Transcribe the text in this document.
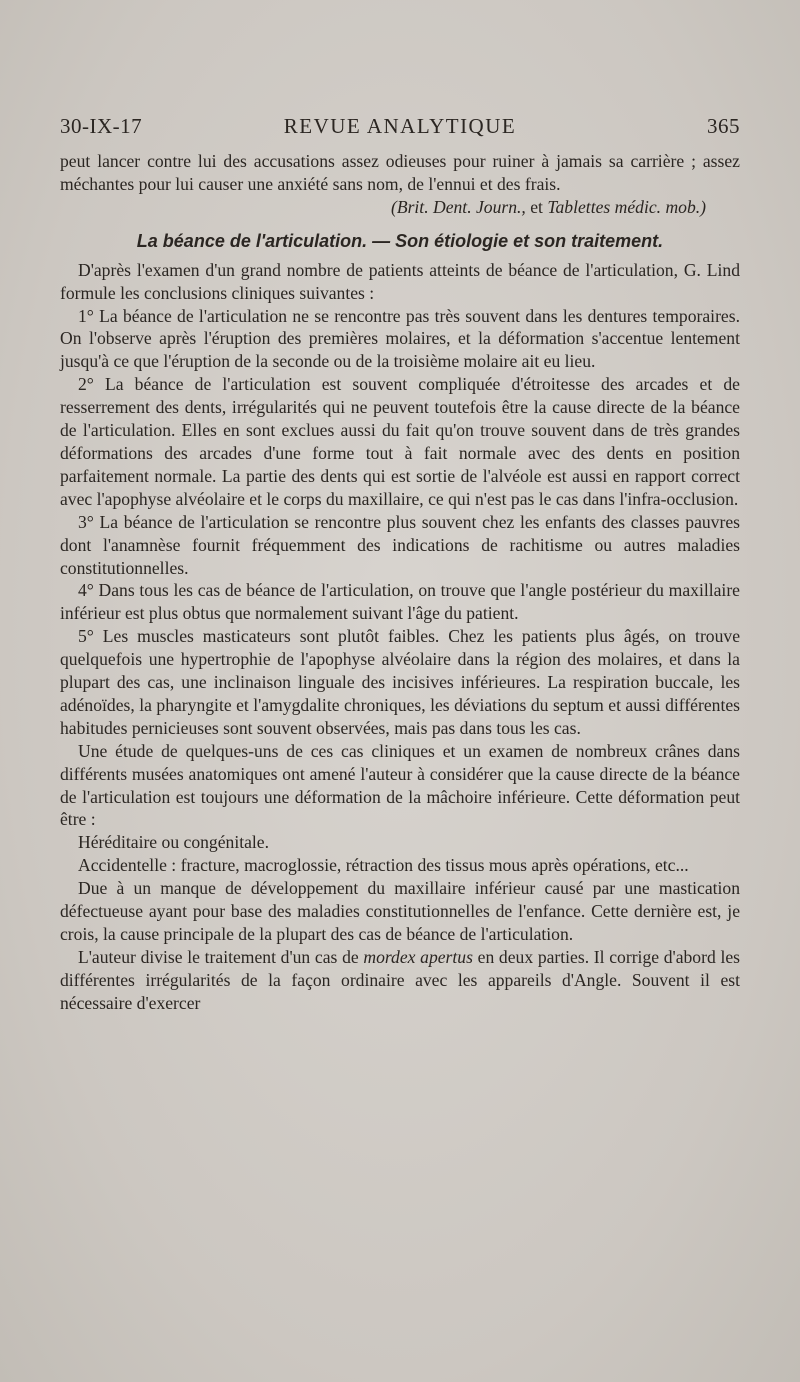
30-IX-17	REVUE ANALYTIQUE	365

peut lancer contre lui des accusations assez odieuses pour ruiner à jamais sa carrière ; assez méchantes pour lui causer une anxiété sans nom, de l'ennui et des frais.

(Brit. Dent. Journ., et Tablettes médic. mob.)

La béance de l'articulation. — Son étiologie et son traitement.

D'après l'examen d'un grand nombre de patients atteints de béance de l'articulation, G. Lind formule les conclusions cliniques suivantes :

1° La béance de l'articulation ne se rencontre pas très souvent dans les dentures temporaires. On l'observe après l'éruption des premières molaires, et la déformation s'accentue lentement jusqu'à ce que l'éruption de la seconde ou de la troisième molaire ait eu lieu.

2° La béance de l'articulation est souvent compliquée d'étroitesse des arcades et de resserrement des dents, irrégularités qui ne peuvent toutefois être la cause directe de la béance de l'articulation. Elles en sont exclues aussi du fait qu'on trouve souvent dans de très grandes déformations des arcades d'une forme tout à fait normale avec des dents en position parfaitement normale. La partie des dents qui est sortie de l'alvéole est aussi en rapport correct avec l'apophyse alvéolaire et le corps du maxillaire, ce qui n'est pas le cas dans l'infra-occlusion.

3° La béance de l'articulation se rencontre plus souvent chez les enfants des classes pauvres dont l'anamnèse fournit fréquemment des indications de rachitisme ou autres maladies constitutionnelles.

4° Dans tous les cas de béance de l'articulation, on trouve que l'angle postérieur du maxillaire inférieur est plus obtus que normalement suivant l'âge du patient.

5° Les muscles masticateurs sont plutôt faibles. Chez les patients plus âgés, on trouve quelquefois une hypertrophie de l'apophyse alvéolaire dans la région des molaires, et dans la plupart des cas, une inclinaison linguale des incisives inférieures. La respiration buccale, les adénoïdes, la pharyngite et l'amygdalite chroniques, les déviations du septum et aussi différentes habitudes pernicieuses sont souvent observées, mais pas dans tous les cas.

Une étude de quelques-uns de ces cas cliniques et un examen de nombreux crânes dans différents musées anatomiques ont amené l'auteur à considérer que la cause directe de la béance de l'articulation est toujours une déformation de la mâchoire inférieure. Cette déformation peut être :

Héréditaire ou congénitale.

Accidentelle : fracture, macroglossie, rétraction des tissus mous après opérations, etc...

Due à un manque de développement du maxillaire inférieur causé par une mastication défectueuse ayant pour base des maladies constitutionnelles de l'enfance. Cette dernière est, je crois, la cause principale de la plupart des cas de béance de l'articulation.

L'auteur divise le traitement d'un cas de mordex apertus en deux parties. Il corrige d'abord les différentes irrégularités de la façon ordinaire avec les appareils d'Angle. Souvent il est nécessaire d'exercer
